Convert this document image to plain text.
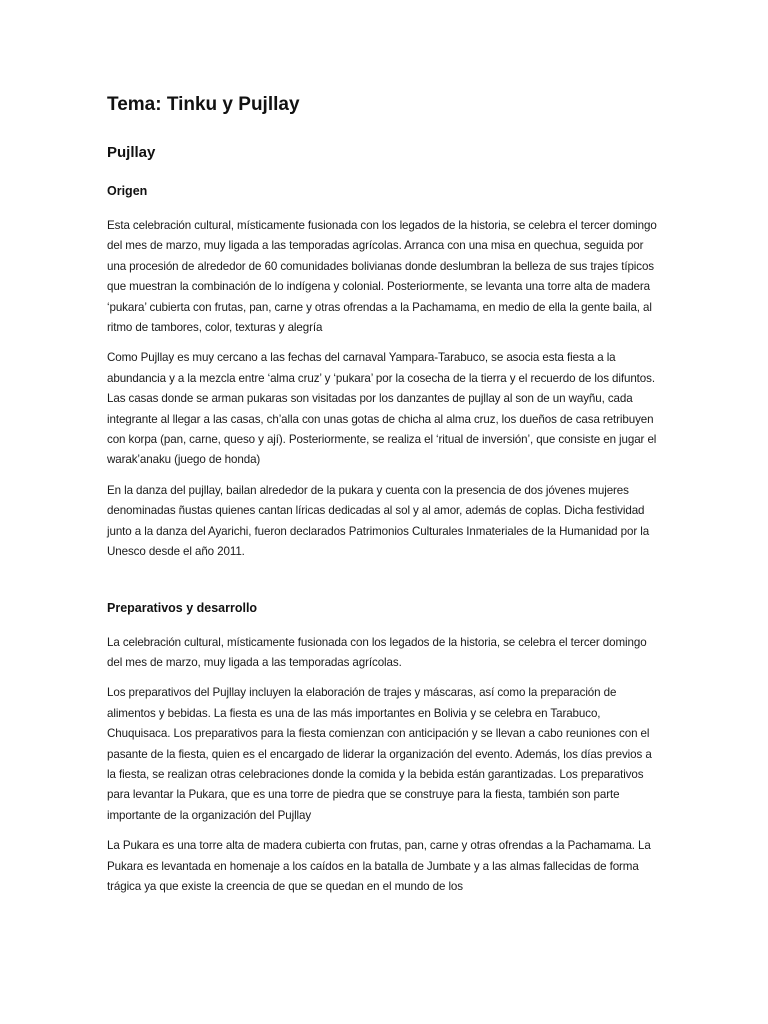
Tema: Tinku y Pujllay
Pujllay
Origen

Esta celebración cultural, místicamente fusionada con los legados de la historia, se celebra el tercer domingo del mes de marzo, muy ligada a las temporadas agrícolas. Arranca con una misa en quechua, seguida por una procesión de alrededor de 60 comunidades bolivianas donde deslumbran la belleza de sus trajes típicos que muestran la combinación de lo indígena y colonial. Posteriormente, se levanta una torre alta de madera ‘pukara’ cubierta con frutas, pan, carne y otras ofrendas a la Pachamama, en medio de ella la gente baila, al ritmo de tambores, color, texturas y alegría

Como Pujllay es muy cercano a las fechas del carnaval Yampara-Tarabuco, se asocia esta fiesta a la abundancia y a la mezcla entre ‘alma cruz’ y ‘pukara’ por la cosecha de la tierra y el recuerdo de los difuntos. Las casas donde se arman pukaras son visitadas por los danzantes de pujllay al son de un wayñu, cada integrante al llegar a las casas, ch’alla con unas gotas de chicha al alma cruz, los dueños de casa retribuyen con korpa (pan, carne, queso y ají). Posteriormente, se realiza el ‘ritual de inversión’, que consiste en jugar el warak’anaku (juego de honda)

En la danza del pujllay, bailan alrededor de la pukara y cuenta con la presencia de dos jóvenes mujeres denominadas ñustas quienes cantan líricas dedicadas al sol y al amor, además de coplas. Dicha festividad junto a la danza del Ayarichi, fueron declarados Patrimonios Culturales Inmateriales de la Humanidad por la Unesco desde el año 2011.

Preparativos y desarrollo

La celebración cultural, místicamente fusionada con los legados de la historia, se celebra el tercer domingo del mes de marzo, muy ligada a las temporadas agrícolas.

Los preparativos del Pujllay incluyen la elaboración de trajes y máscaras, así como la preparación de alimentos y bebidas. La fiesta es una de las más importantes en Bolivia y se celebra en Tarabuco, Chuquisaca. Los preparativos para la fiesta comienzan con anticipación y se llevan a cabo reuniones con el pasante de la fiesta, quien es el encargado de liderar la organización del evento. Además, los días previos a la fiesta, se realizan otras celebraciones donde la comida y la bebida están garantizadas. Los preparativos para levantar la Pukara, que es una torre de piedra que se construye para la fiesta, también son parte importante de la organización del Pujllay

La Pukara es una torre alta de madera cubierta con frutas, pan, carne y otras ofrendas a la Pachamama. La Pukara es levantada en homenaje a los caídos en la batalla de Jumbate y a las almas fallecidas de forma trágica ya que existe la creencia de que se quedan en el mundo de los
